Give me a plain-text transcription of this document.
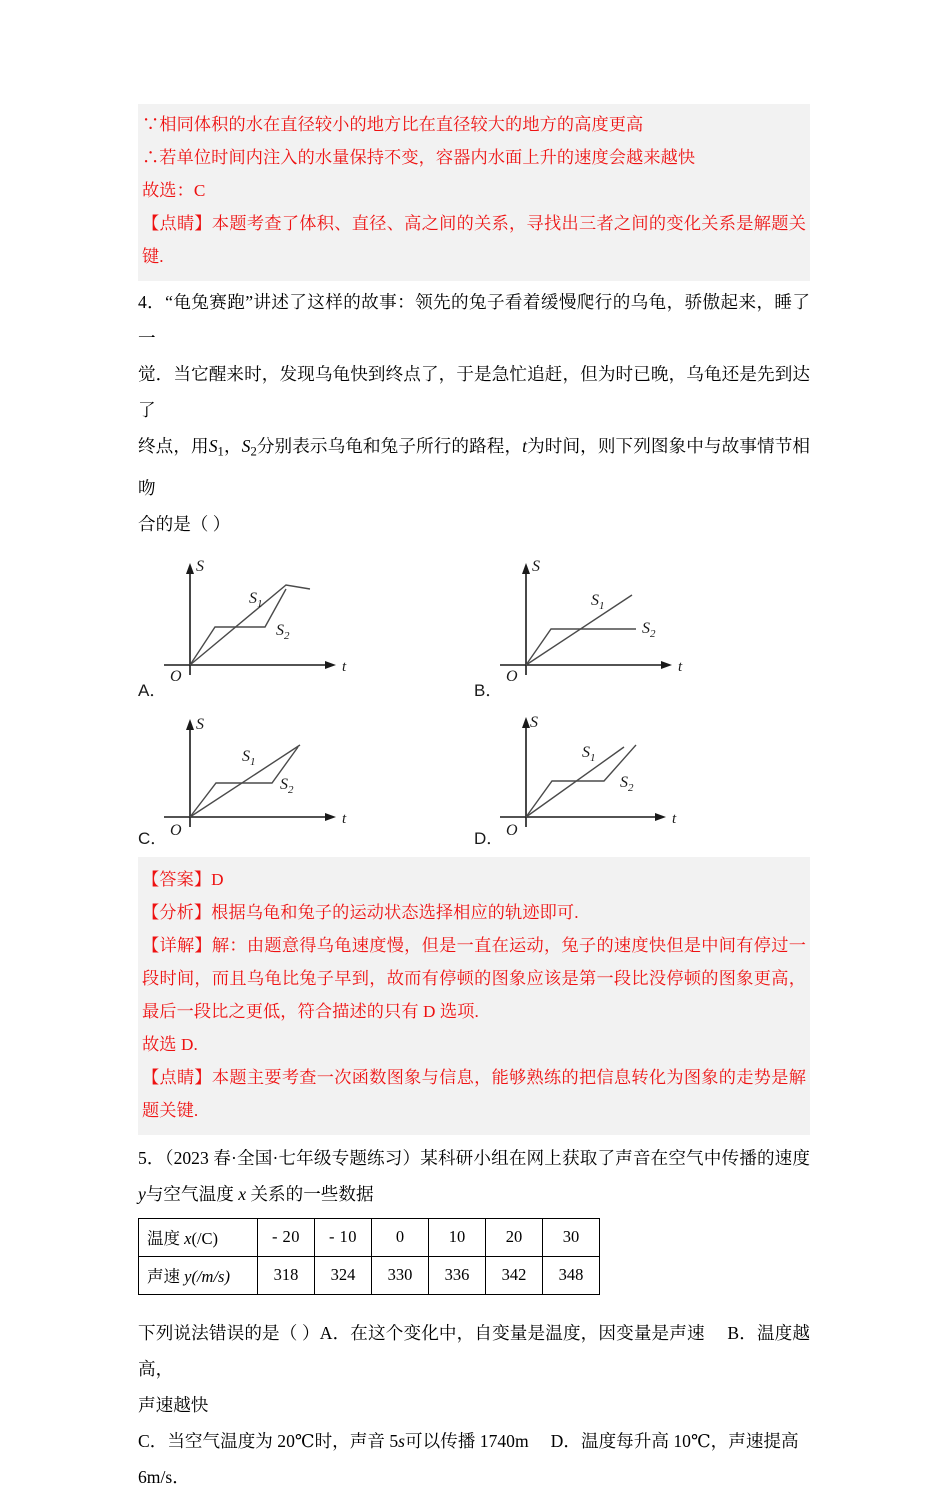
∵相同体积的水在直径较小的地方比在直径较大的地方的高度更高

∴若单位时间内注入的水量保持不变，容器内水面上升的速度会越来越快

故选：C

【点睛】本题考查了体积、直径、高之间的关系，寻找出三者之间的变化关系是解题关键.

4．“龟兔赛跑”讲述了这样的故事：领先的兔子看着缓慢爬行的乌龟，骄傲起来，睡了一

觉．当它醒来时，发现乌龟快到终点了，于是急忙追赶，但为时已晚，乌龟还是先到达了

终点，用$S_1$，$S_2$分别表示乌龟和兔子所行的路程，t为时间，则下列图象中与故事情节相吻

合的是（ ）

A．
O
S
t
$S_1$
$S_2$
B．
O
S
t
$S_1$
$S_2$
C． O
S
t
$S_1$
$S_2$
D． O
S
t
$S_1$
$S_2$

【答案】D

【分析】根据乌龟和兔子的运动状态选择相应的轨迹即可.

【详解】解：由题意得乌龟速度慢，但是一直在运动，兔子的速度快但是中间有停过一段时间，而且乌龟比兔子早到，故而有停顿的图象应该是第一段比没停顿的图象更高，最后一段比之更低，符合描述的只有 D 选项.

故选 D.

【点睛】本题主要考查一次函数图象与信息，能够熟练的把信息转化为图象的走势是解题关键.

5．（2023 春·全国·七年级专题练习）某科研小组在网上获取了声音在空气中传播的速度y与空气温度 x 关系的一些数据

温度 x(/C)	- 20	- 10	0	10	20	30
声速 y(/m/s)	318	324	330	336	342	348

下列说法错误的是（ ）A．在这个变化中，自变量是温度，因变量是声速 B．温度越高，

声速越快

C．当空气温度为 20℃时，声音 5s可以传播 1740m D．温度每升高 10℃，声速提高

6m/s．
